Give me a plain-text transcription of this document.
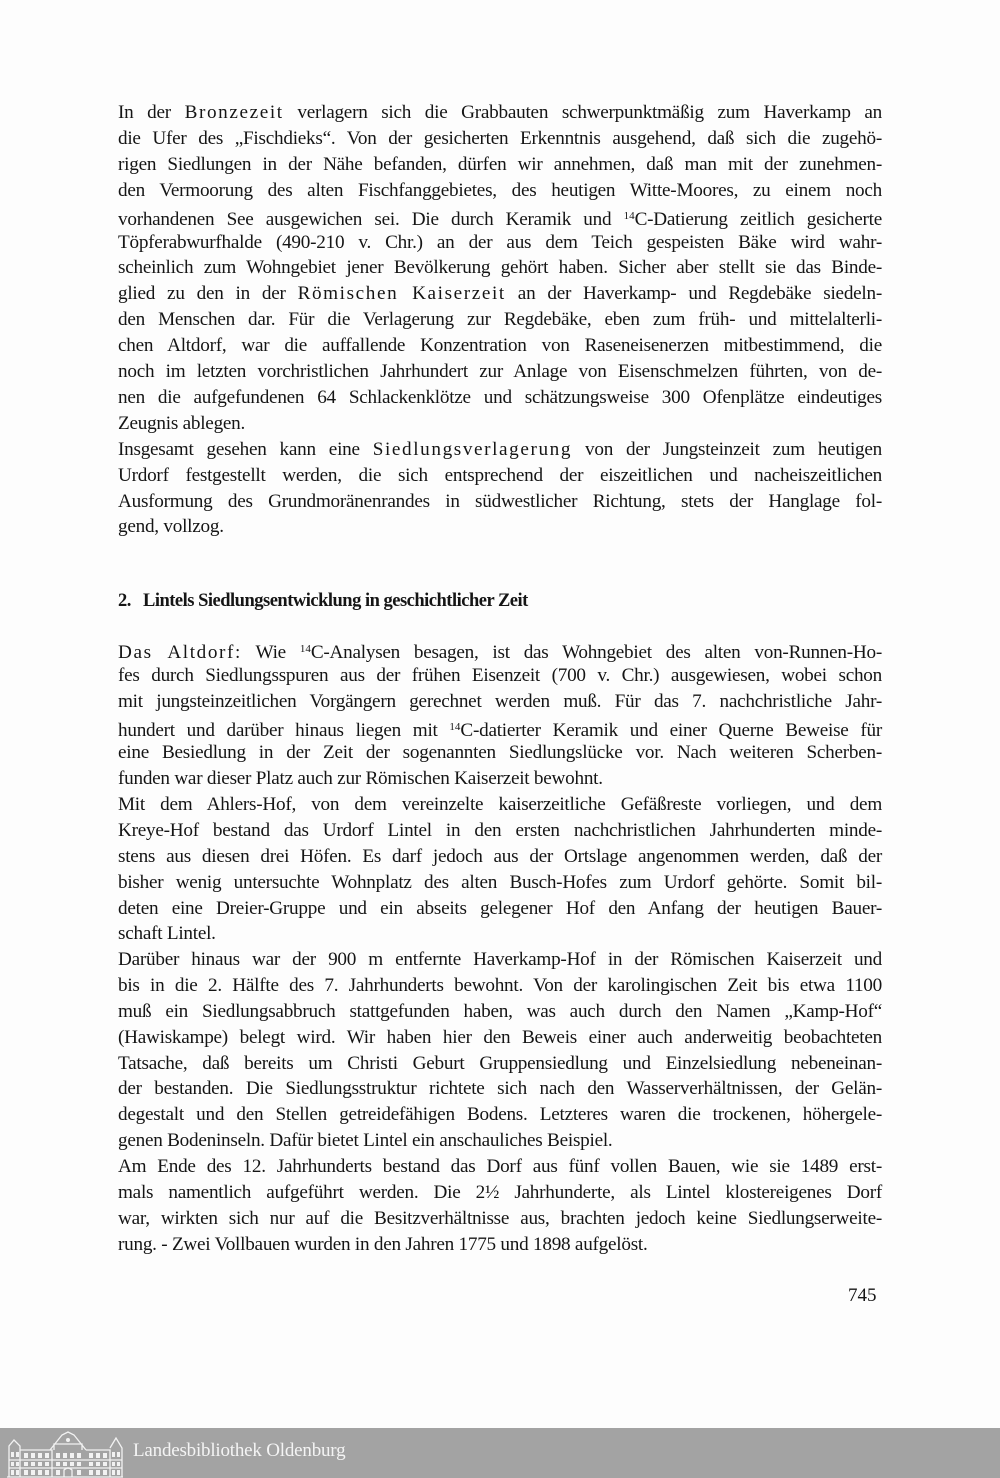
In der Bronzezeit verlagern sich die Grabbauten schwerpunktmäßig zum Haverkamp an
die Ufer des „Fischdieks“. Von der gesicherten Erkenntnis ausgehend, daß sich die zugehö-
rigen Siedlungen in der Nähe befanden, dürfen wir annehmen, daß man mit der zunehmen-
den Vermoorung des alten Fischfanggebietes, des heutigen Witte-Moores, zu einem noch
vorhandenen See ausgewichen sei. Die durch Keramik und $^{14}$C-Datierung zeitlich gesicherte
Töpferabwurfhalde (490-210 v. Chr.) an der aus dem Teich gespeisten Bäke wird wahr-
scheinlich zum Wohngebiet jener Bevölkerung gehört haben. Sicher aber stellt sie das Binde-
glied zu den in der Römischen Kaiserzeit an der Haverkamp- und Regdebäke siedeln-
den Menschen dar. Für die Verlagerung zur Regdebäke, eben zum früh- und mittelalterli-
chen Altdorf, war die auffallende Konzentration von Raseneisenerzen mitbestimmend, die
noch im letzten vorchristlichen Jahrhundert zur Anlage von Eisenschmelzen führten, von de-
nen die aufgefundenen 64 Schlackenklötze und schätzungsweise 300 Ofenplätze eindeutiges
Zeugnis ablegen.
Insgesamt gesehen kann eine Siedlungsverlagerung von der Jungsteinzeit zum heutigen
Urdorf festgestellt werden, die sich entsprechend der eiszeitlichen und nacheiszeitlichen
Ausformung des Grundmoränenrandes in südwestlicher Richtung, stets der Hanglage fol-
gend, vollzog.
2. Lintels Siedlungsentwicklung in geschichtlicher Zeit
Das Altdorf: Wie $^{14}$C-Analysen besagen, ist das Wohngebiet des alten von-Runnen-Ho-
fes durch Siedlungsspuren aus der frühen Eisenzeit (700 v. Chr.) ausgewiesen, wobei schon
mit jungsteinzeitlichen Vorgängern gerechnet werden muß. Für das 7. nachchristliche Jahr-
hundert und darüber hinaus liegen mit $^{14}$C-datierter Keramik und einer Querne Beweise für
eine Besiedlung in der Zeit der sogenannten Siedlungslücke vor. Nach weiteren Scherben-
funden war dieser Platz auch zur Römischen Kaiserzeit bewohnt.
Mit dem Ahlers-Hof, von dem vereinzelte kaiserzeitliche Gefäßreste vorliegen, und dem
Kreye-Hof bestand das Urdorf Lintel in den ersten nachchristlichen Jahrhunderten minde-
stens aus diesen drei Höfen. Es darf jedoch aus der Ortslage angenommen werden, daß der
bisher wenig untersuchte Wohnplatz des alten Busch-Hofes zum Urdorf gehörte. Somit bil-
deten eine Dreier-Gruppe und ein abseits gelegener Hof den Anfang der heutigen Bauer-
schaft Lintel.
Darüber hinaus war der 900 m entfernte Haverkamp-Hof in der Römischen Kaiserzeit und
bis in die 2. Hälfte des 7. Jahrhunderts bewohnt. Von der karolingischen Zeit bis etwa 1100
muß ein Siedlungsabbruch stattgefunden haben, was auch durch den Namen „Kamp-Hof“
(Hawiskampe) belegt wird. Wir haben hier den Beweis einer auch anderweitig beobachteten
Tatsache, daß bereits um Christi Geburt Gruppensiedlung und Einzelsiedlung nebeneinan-
der bestanden. Die Siedlungsstruktur richtete sich nach den Wasserverhältnissen, der Gelän-
degestalt und den Stellen getreidefähigen Bodens. Letzteres waren die trockenen, höhergele-
genen Bodeninseln. Dafür bietet Lintel ein anschauliches Beispiel.
Am Ende des 12. Jahrhunderts bestand das Dorf aus fünf vollen Bauen, wie sie 1489 erst-
mals namentlich aufgeführt werden. Die 2½ Jahrhunderte, als Lintel klostereigenes Dorf
war, wirkten sich nur auf die Besitzverhältnisse aus, brachten jedoch keine Siedlungserweite-
rung. - Zwei Vollbauen wurden in den Jahren 1775 und 1898 aufgelöst.
745
Landesbibliothek Oldenburg
